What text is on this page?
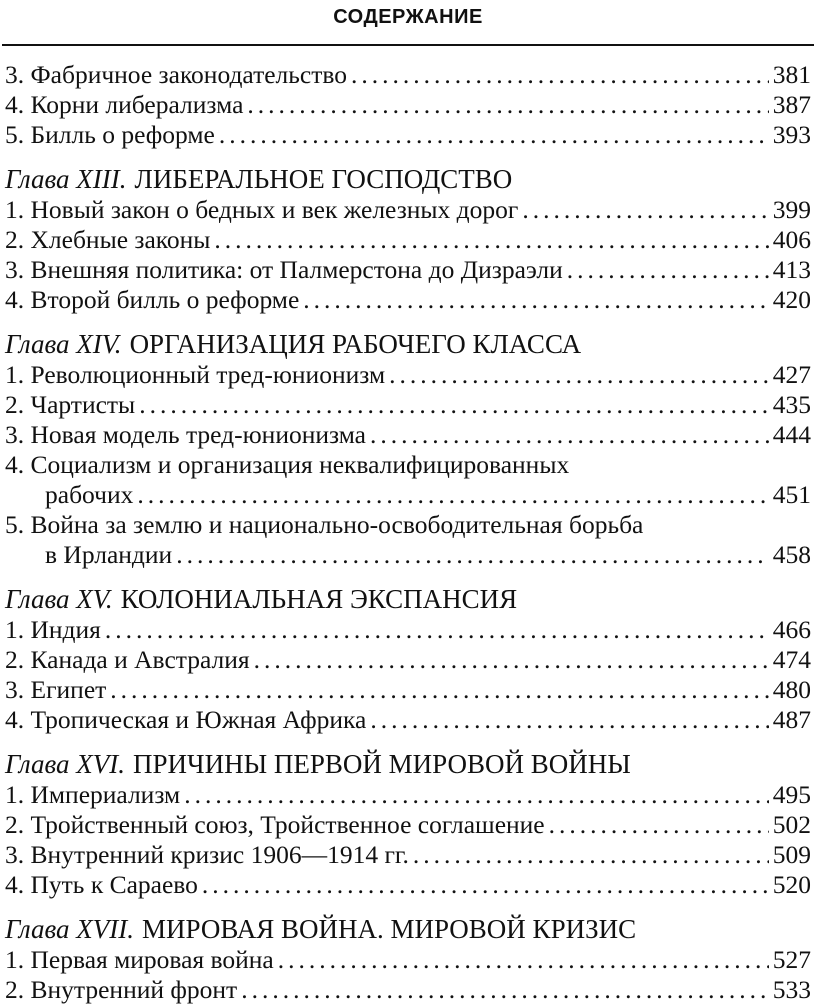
СОДЕРЖАНИЕ
3. Фабричное законодательство .....	381
4. Корни либерализма .....	387
5. Билль о реформе .....	393
Глава XIII. ЛИБЕРАЛЬНОЕ ГОСПОДСТВО
1. Новый закон о бедных и век железных дорог .....	399
2. Хлебные законы .....	406
3. Внешняя политика: от Палмерстона до Дизраэли .....	413
4. Второй билль о реформе .....	420
Глава XIV. ОРГАНИЗАЦИЯ РАБОЧЕГО КЛАССА
1. Революционный тред-юнионизм .....	427
2. Чартисты .....	435
3. Новая модель тред-юнионизма .....	444
4. Социализм и организация неквалифицированных
рабочих .....	451
5. Война за землю и национально-освободительная борьба
в Ирландии .....	458
Глава XV. КОЛОНИАЛЬНАЯ ЭКСПАНСИЯ
1. Индия .....	466
2. Канада и Австралия .....	474
3. Египет .....	480
4. Тропическая и Южная Африка .....	487
Глава XVI. ПРИЧИНЫ ПЕРВОЙ МИРОВОЙ ВОЙНЫ
1. Империализм .....	495
2. Тройственный союз, Тройственное соглашение .....	502
3. Внутренний кризис 1906—1914 гг. .....	509
4. Путь к Сараево .....	520
Глава XVII. МИРОВАЯ ВОЙНА. МИРОВОЙ КРИЗИС
1. Первая мировая война .....	527
2. Внутренний фронт .....	533
